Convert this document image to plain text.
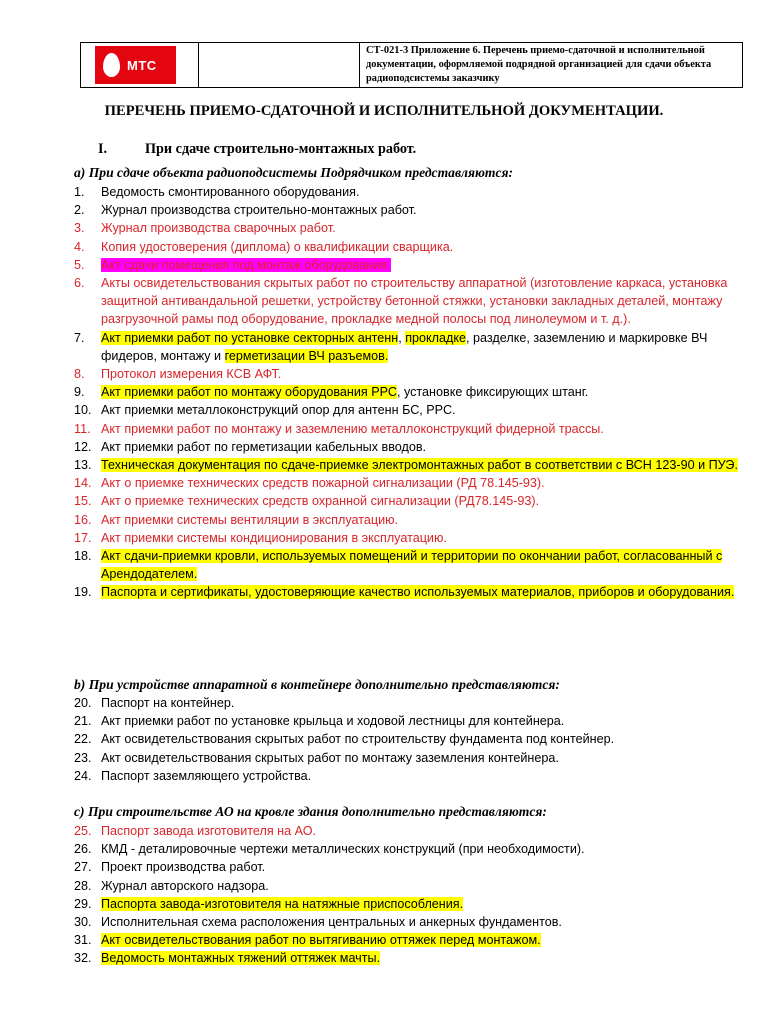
МТС
СТ-021-3 Приложение 6. Перечень приемо-сдаточной и исполнительной документации, оформляемой подрядной организацией для сдачи объекта радиоподсистемы заказчику
ПЕРЕЧЕНЬ ПРИЕМО-СДАТОЧНОЙ И ИСПОЛНИТЕЛЬНОЙ ДОКУМЕНТАЦИИ.
I.	При сдаче строительно-монтажных работ.
а) При сдаче объекта радиоподсистемы Подрядчиком представляются:
1. Ведомость смонтированного оборудования.
2. Журнал производства строительно-монтажных работ.
3. Журнал производства сварочных работ.
4. Копия удостоверения (диплома) о квалификации сварщика.
5. Акт сдачи помещения под монтаж оборудования.
6. Акты освидетельствования скрытых работ по строительству аппаратной (изготовление каркаса, установка защитной антивандальной решетки, устройству бетонной стяжки, установки закладных деталей, монтажу разгрузочной рамы под оборудование, прокладке медной полосы под линолеумом и т. д.).
7. Акт приемки работ по установке секторных антенн, прокладке, разделке, заземлению и маркировке ВЧ фидеров, монтажу и герметизации ВЧ разъемов.
8. Протокол измерения КСВ АФТ.
9. Акт приемки работ по монтажу оборудования РРС, установке фиксирующих штанг.
10. Акт приемки металлоконструкций опор для антенн БС, РРС.
11. Акт приемки работ по монтажу и заземлению металлоконструкций фидерной трассы.
12. Акт приемки работ по герметизации кабельных вводов.
13. Техническая документация по сдаче-приемке электромонтажных работ в соответствии с ВСН 123-90 и ПУЭ.
14. Акт о приемке технических средств пожарной сигнализации (РД 78.145-93).
15. Акт о приемке технических средств охранной сигнализации (РД78.145-93).
16. Акт приемки системы вентиляции в эксплуатацию.
17. Акт приемки системы кондиционирования в эксплуатацию.
18. Акт сдачи-приемки кровли, используемых помещений и территории по окончании работ, согласованный с Арендодателем.
19. Паспорта и сертификаты, удостоверяющие качество используемых материалов, приборов и оборудования.
b) При устройстве аппаратной в контейнере дополнительно представляются:
20. Паспорт на контейнер.
21. Акт приемки работ по установке крыльца и ходовой лестницы для контейнера.
22. Акт освидетельствования скрытых работ по строительству фундамента под контейнер.
23. Акт освидетельствования скрытых работ по монтажу заземления контейнера.
24. Паспорт заземляющего устройства.
c) При строительстве АО на кровле здания дополнительно представляются:
25. Паспорт завода изготовителя на АО.
26. КМД - деталировочные чертежи металлических конструкций (при необходимости).
27. Проект производства работ.
28. Журнал авторского надзора.
29. Паспорта завода-изготовителя на натяжные приспособления.
30. Исполнительная схема расположения центральных и анкерных фундаментов.
31. Акт освидетельствования работ по вытягиванию оттяжек перед монтажом.
32. Ведомость монтажных тяжений оттяжек мачты.
